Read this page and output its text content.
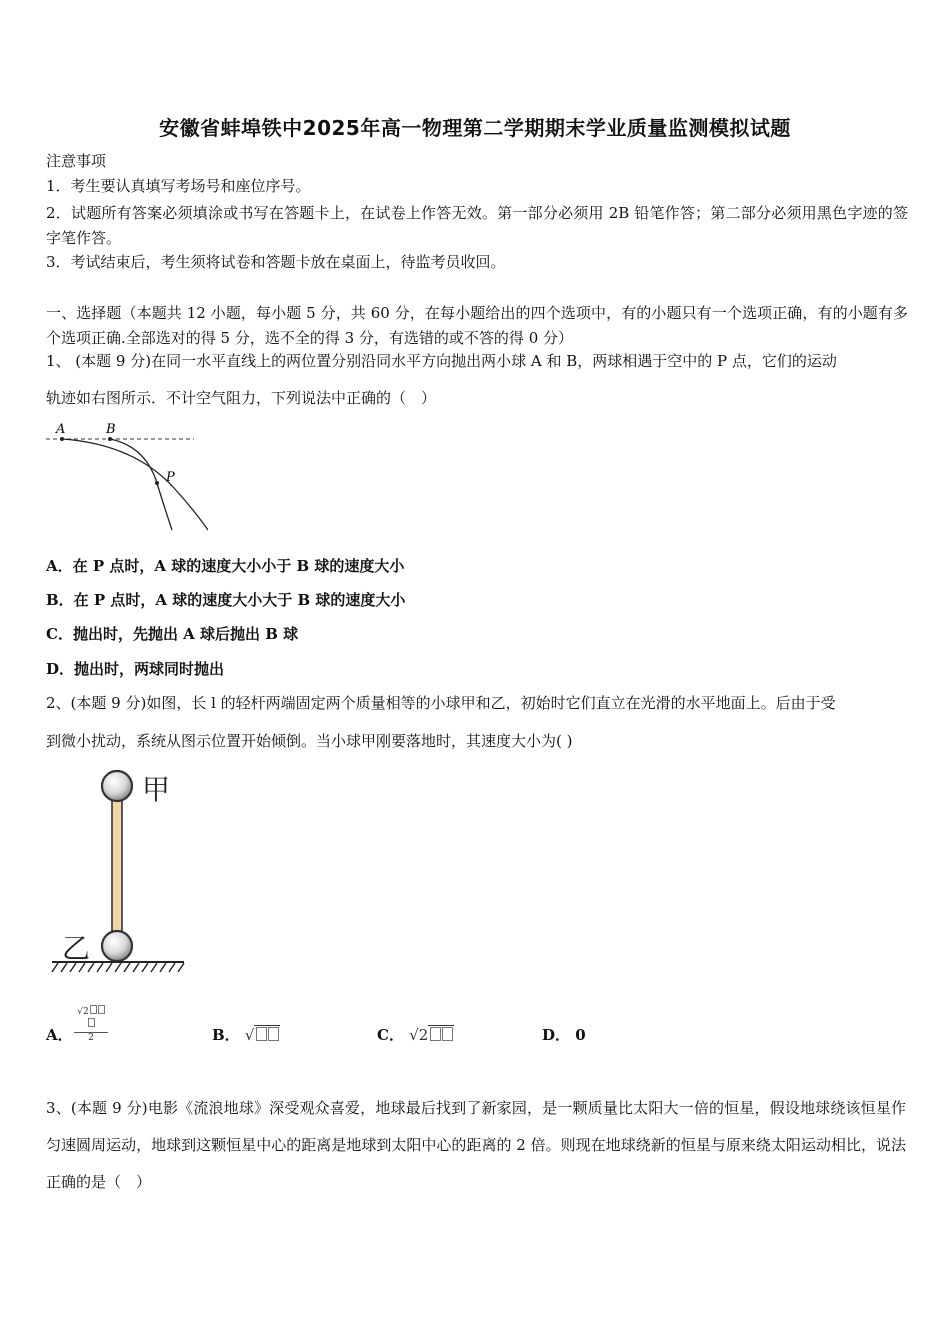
安徽省蚌埠铁中2025年高一物理第二学期期末学业质量监测模拟试题
注意事项
1．考生要认真填写考场号和座位序号。
2．试题所有答案必须填涂或书写在答题卡上，在试卷上作答无效。第一部分必须用 2B 铅笔作答；第二部分必须用黑色字迹的签字笔作答。
3．考试结束后，考生须将试卷和答题卡放在桌面上，待监考员收回。
一、选择题（本题共 12 小题，每小题 5 分，共 60 分，在每小题给出的四个选项中，有的小题只有一个选项正确，有的小题有多个选项正确.全部选对的得 5 分，选不全的得 3 分，有选错的或不答的得 0 分）
1、 (本题 9 分)在同一水平直线上的两位置分别沿同水平方向抛出两小球 A 和 B，两球相遇于空中的 P 点，它们的运动
轨迹如右图所示．不计空气阻力，下列说法中正确的（　）
A	B
P
A．在 P 点时，A 球的速度大小小于 B 球的速度大小
B．在 P 点时，A 球的速度大小大于 B 球的速度大小
C．抛出时，先抛出 A 球后抛出 B 球
D．抛出时，两球同时抛出
2、(本题 9 分)如图，长 l 的轻杆两端固定两个质量相等的小球甲和乙，初始时它们直立在光滑的水平地面上。后由于受
到微小扰动，系统从图示位置开始倾倒。当小球甲刚要落地时，其速度大小为( )
甲
乙
A．
√2
2	B． √	C． √2	D． 0
3、(本题 9 分)电影《流浪地球》深受观众喜爱，地球最后找到了新家园，是一颗质量比太阳大一倍的恒星，假设地球绕该恒星作匀速圆周运动，地球到这颗恒星中心的距离是地球到太阳中心的距离的 2 倍。则现在地球绕新的恒星与原来绕太阳运动相比，说法正确的是（　）
